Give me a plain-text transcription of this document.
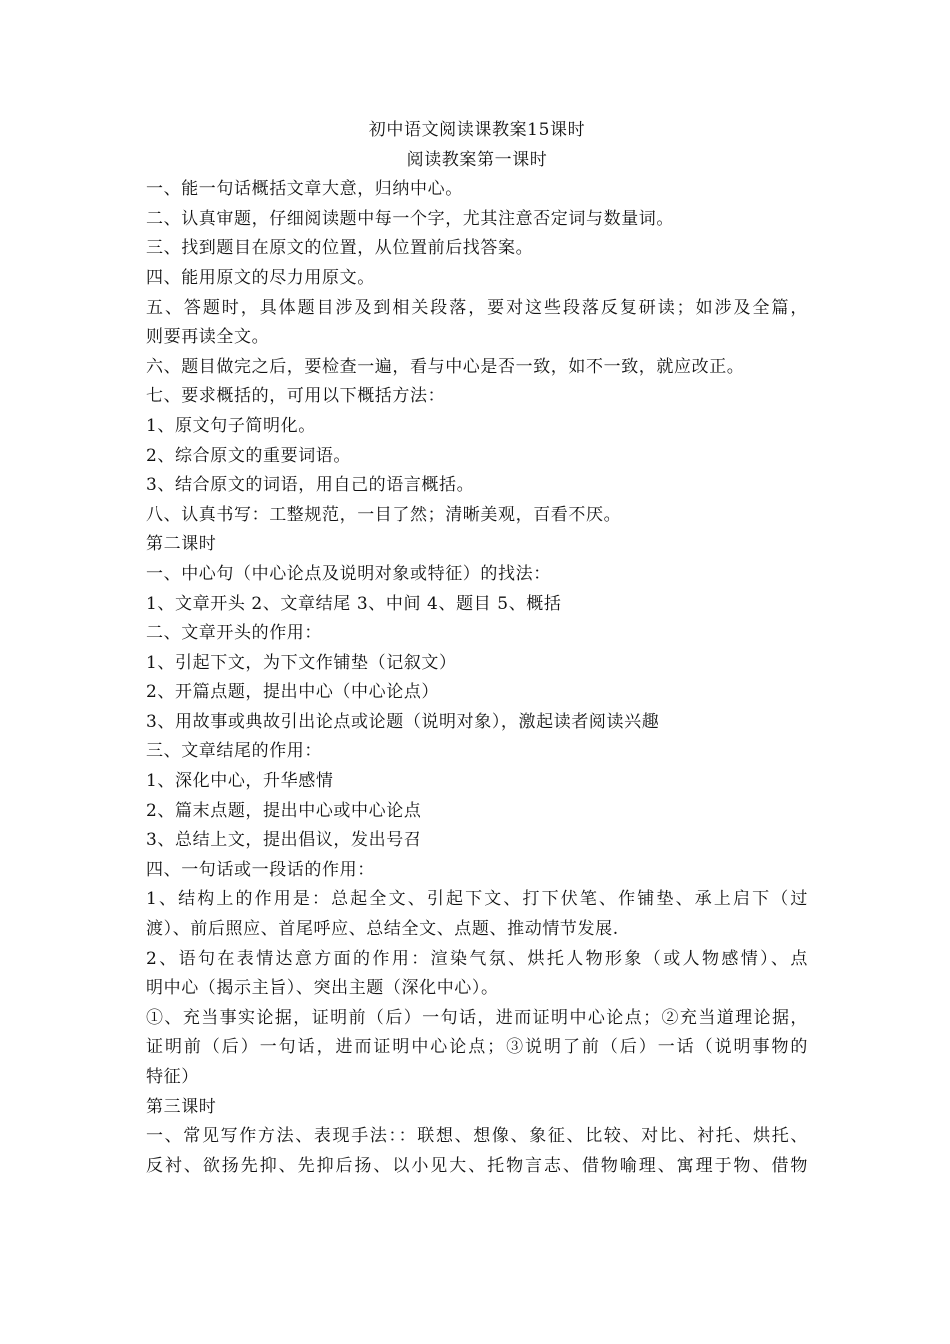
初中语文阅读课教案15课时
阅读教案第一课时
一、能一句话概括文章大意，归纳中心。
二、认真审题，仔细阅读题中每一个字，尤其注意否定词与数量词。
三、找到题目在原文的位置，从位置前后找答案。
四、能用原文的尽力用原文。
五、答题时，具体题目涉及到相关段落，要对这些段落反复研读；如涉及全篇，
则要再读全文。
六、题目做完之后，要检查一遍，看与中心是否一致，如不一致，就应改正。
七、要求概括的，可用以下概括方法：
1、原文句子简明化。
2、综合原文的重要词语。
3、结合原文的词语，用自己的语言概括。
八、认真书写：工整规范，一目了然；清晰美观，百看不厌。
第二课时
一、中心句（中心论点及说明对象或特征）的找法：
1、文章开头 2、文章结尾 3、中间 4、题目 5、概括
二、文章开头的作用：
1、引起下文，为下文作铺垫（记叙文）
2、开篇点题，提出中心（中心论点）
3、用故事或典故引出论点或论题（说明对象），激起读者阅读兴趣
三、文章结尾的作用：
1、深化中心，升华感情
2、篇末点题，提出中心或中心论点
3、总结上文，提出倡议，发出号召
四、一句话或一段话的作用：
1、结构上的作用是：总起全文、引起下文、打下伏笔、作铺垫、承上启下（过
渡）、前后照应、首尾呼应、总结全文、点题、推动情节发展.
2、语句在表情达意方面的作用：渲染气氛、烘托人物形象（或人物感情）、点
明中心（揭示主旨）、突出主题（深化中心）。
①、充当事实论据，证明前（后）一句话，进而证明中心论点；②充当道理论据，
证明前（后）一句话，进而证明中心论点；③说明了前（后）一话（说明事物的
特征）
第三课时
一、常见写作方法、表现手法：：联想、想像、象征、比较、对比、衬托、烘托、
反衬、欲扬先抑、先抑后扬、以小见大、托物言志、借物喻理、寓理于物、借物
